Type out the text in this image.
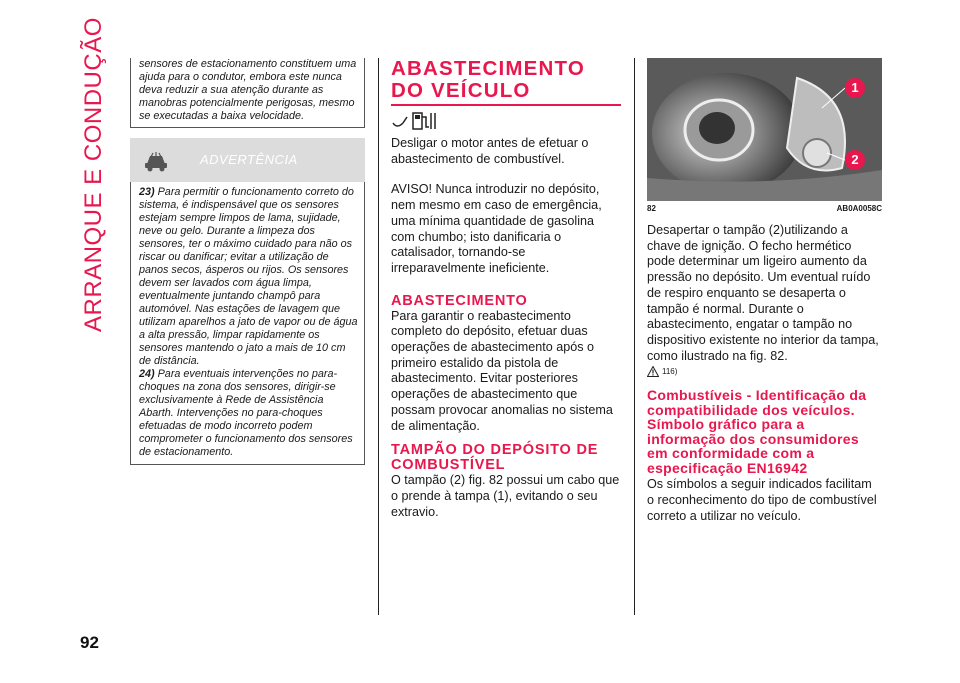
ARRANQUE E CONDUÇÃO
92
sensores de estacionamento constituem uma ajuda para o condutor, embora este nunca deva reduzir a sua atenção durante as manobras potencialmente perigosas, mesmo se executadas a baixa velocidade.
ADVERTÊNCIA

23) Para permitir o funcionamento correto do sistema, é indispensável que os sensores estejam sempre limpos de lama, sujidade, neve ou gelo. Durante a limpeza dos sensores, ter o máximo cuidado para não os riscar ou danificar; evitar a utilização de panos secos, ásperos ou rijos. Os sensores devem ser lavados com água limpa, eventualmente juntando champô para automóvel. Nas estações de lavagem que utilizam aparelhos a jato de vapor ou de água a alta pressão, limpar rapidamente os sensores mantendo o jato a mais de 10 cm de distância.

24) Para eventuais intervenções no para-choques na zona dos sensores, dirigir-se exclusivamente à Rede de Assistência Abarth. Intervenções no para-choques efetuadas de modo incorreto podem comprometer o funcionamento dos sensores de estacionamento.

ABASTECIMENTO DO VEÍCULO

Desligar o motor antes de efetuar o abastecimento de combustível.

AVISO! Nunca introduzir no depósito, nem mesmo em caso de emergência, uma mínima quantidade de gasolina com chumbo; isto danificaria o catalisador, tornando-se irreparavelmente ineficiente.

ABASTECIMENTO

Para garantir o reabastecimento completo do depósito, efetuar duas operações de abastecimento após o primeiro estalido da pistola de abastecimento. Evitar posteriores operações de abastecimento que possam provocar anomalias no sistema de alimentação.

TAMPÃO DO DEPÓSITO DE COMBUSTÍVEL

O tampão (2) fig. 82 possui um cabo que o prende à tampa (1), evitando o seu extravio.

1
2
82	AB0A0058C

Desapertar o tampão (2)utilizando a chave de ignição. O fecho hermético pode determinar um ligeiro aumento da pressão no depósito. Um eventual ruído de respiro enquanto se desaperta o tampão é normal. Durante o abastecimento, engatar o tampão no dispositivo existente no interior da tampa, como ilustrado na fig. 82.

116)
Combustíveis - Identificação da compatibilidade dos veículos. Símbolo gráfico para a informação dos consumidores em conformidade com a especificação EN16942

Os símbolos a seguir indicados facilitam o reconhecimento do tipo de combustível correto a utilizar no veículo.
